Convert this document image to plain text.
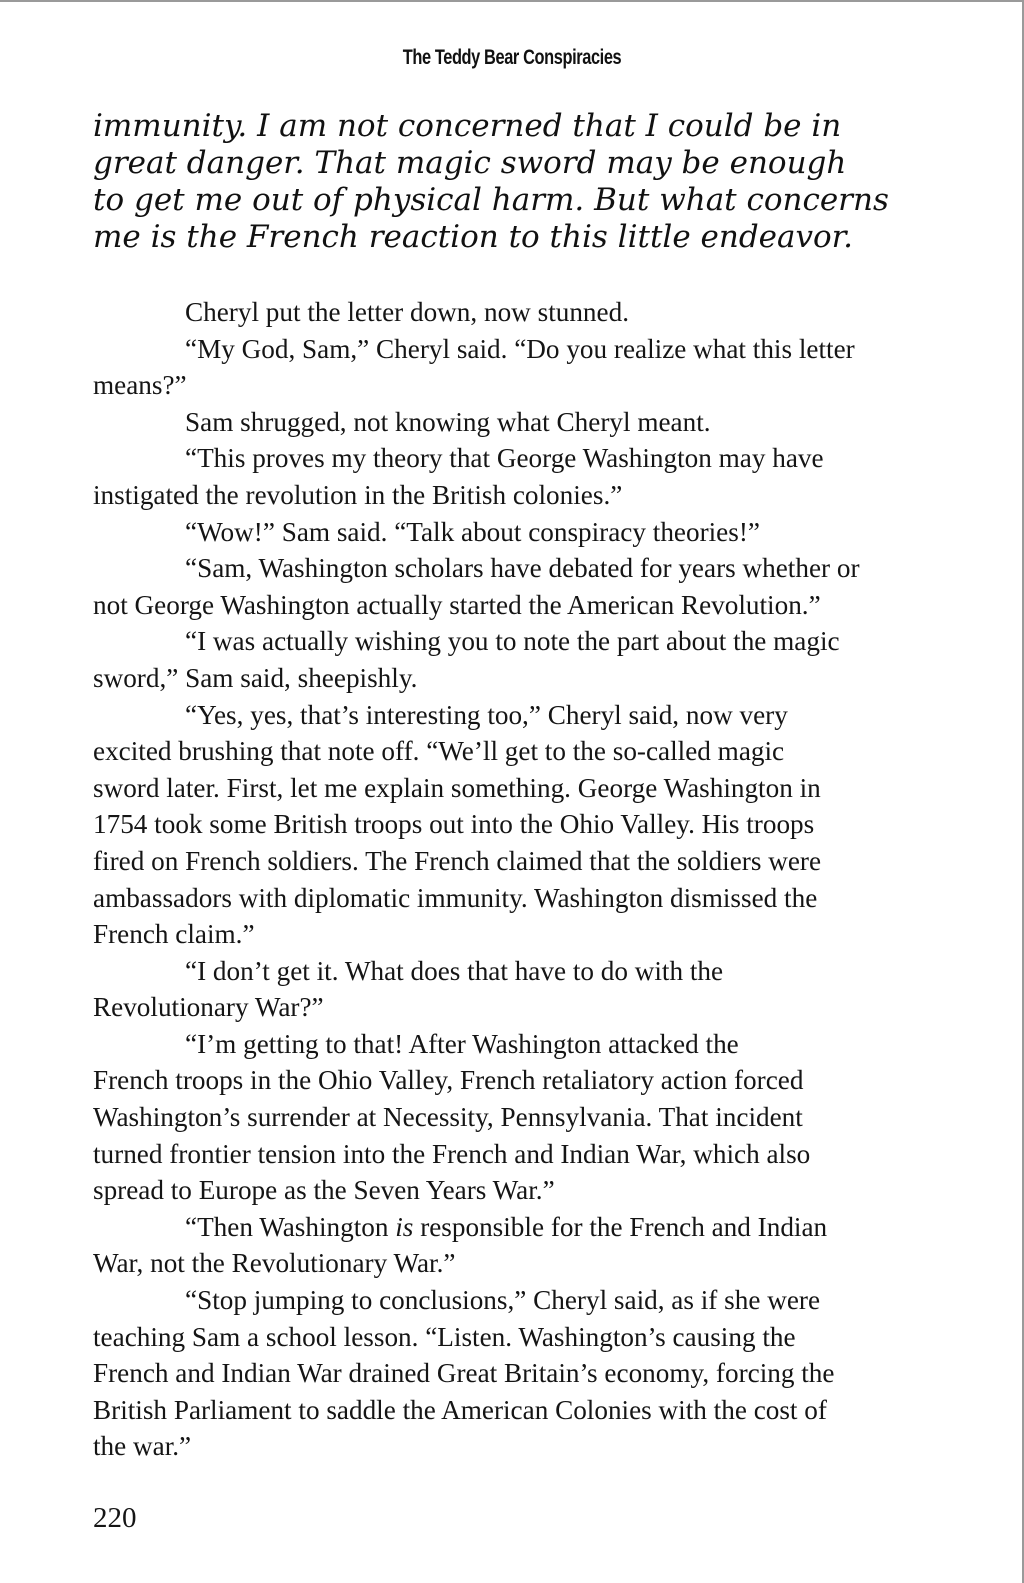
The Teddy Bear Conspiracies
immunity. I am not concerned that I could be in
great danger. That magic sword may be enough
to get me out of physical harm. But what concerns
me is the French reaction to this little endeavor.
Cheryl put the letter down, now stunned.
“My God, Sam,” Cheryl said. “Do you realize what this letter
means?”
Sam shrugged, not knowing what Cheryl meant.
“This proves my theory that George Washington may have
instigated the revolution in the British colonies.”
“Wow!” Sam said. “Talk about conspiracy theories!”
“Sam, Washington scholars have debated for years whether or
not George Washington actually started the American Revolution.”
“I was actually wishing you to note the part about the magic
sword,” Sam said, sheepishly.
“Yes, yes, that’s interesting too,” Cheryl said, now very
excited brushing that note off. “We’ll get to the so-called magic
sword later. First, let me explain something. George Washington in
1754 took some British troops out into the Ohio Valley. His troops
fired on French soldiers. The French claimed that the soldiers were
ambassadors with diplomatic immunity. Washington dismissed the
French claim.”
“I don’t get it. What does that have to do with the
Revolutionary War?”
“I’m getting to that! After Washington attacked the
French troops in the Ohio Valley, French retaliatory action forced
Washington’s surrender at Necessity, Pennsylvania. That incident
turned frontier tension into the French and Indian War, which also
spread to Europe as the Seven Years War.”
“Then Washington is responsible for the French and Indian
War, not the Revolutionary War.”
“Stop jumping to conclusions,” Cheryl said, as if she were
teaching Sam a school lesson. “Listen. Washington’s causing the
French and Indian War drained Great Britain’s economy, forcing the
British Parliament to saddle the American Colonies with the cost of
the war.”
220
